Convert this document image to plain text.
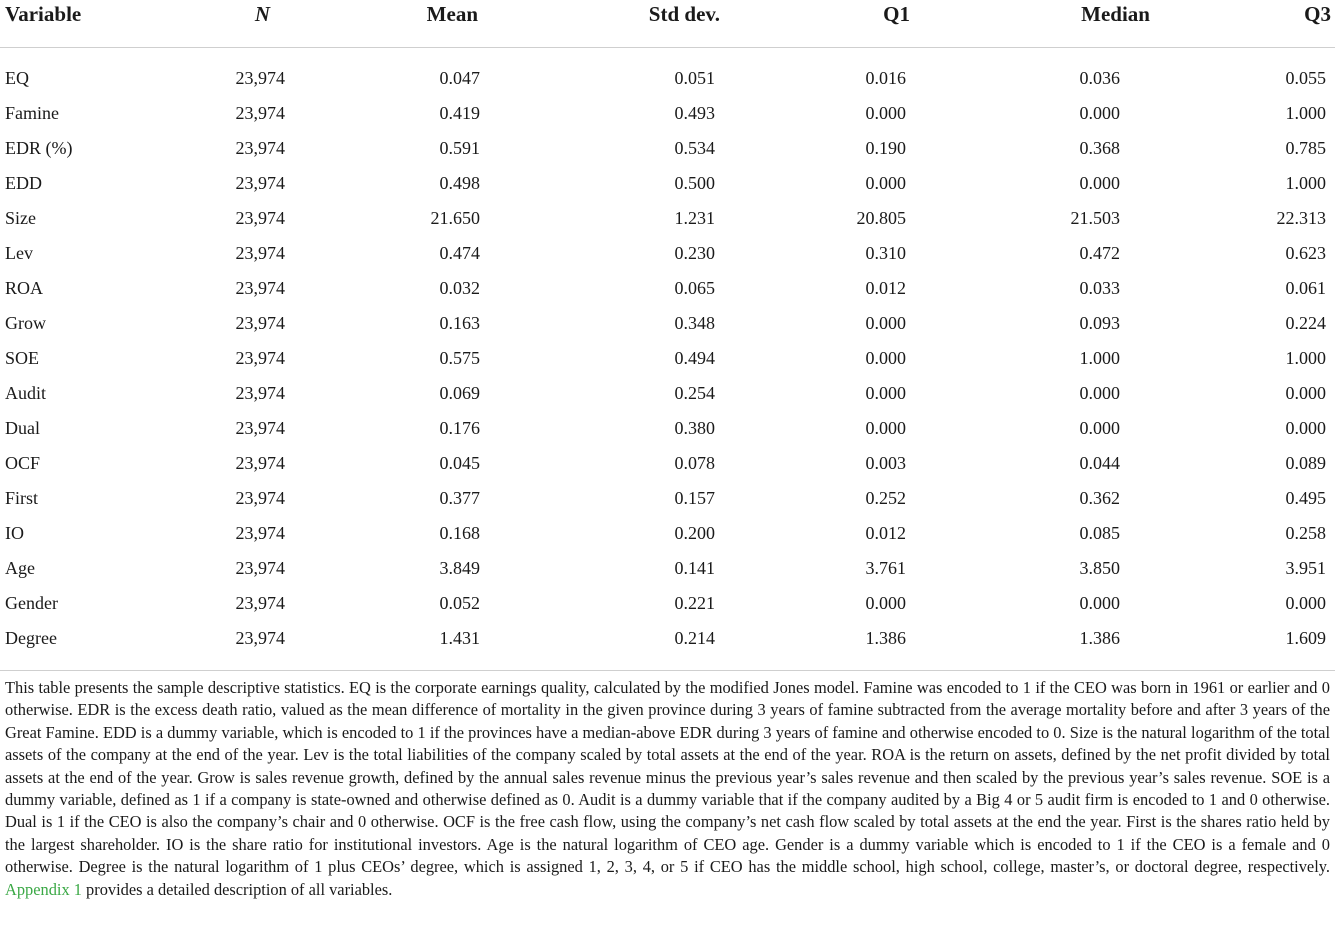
Variable	N	Mean	Std dev.	Q1	Median	Q3

EQ	23,974	0.047	0.051	0.016	0.036	0.055
Famine	23,974	0.419	0.493	0.000	0.000	1.000
EDR (%)	23,974	0.591	0.534	0.190	0.368	0.785
EDD	23,974	0.498	0.500	0.000	0.000	1.000
Size	23,974	21.650	1.231	20.805	21.503	22.313
Lev	23,974	0.474	0.230	0.310	0.472	0.623
ROA	23,974	0.032	0.065	0.012	0.033	0.061
Grow	23,974	0.163	0.348	0.000	0.093	0.224
SOE	23,974	0.575	0.494	0.000	1.000	1.000
Audit	23,974	0.069	0.254	0.000	0.000	0.000
Dual	23,974	0.176	0.380	0.000	0.000	0.000
OCF	23,974	0.045	0.078	0.003	0.044	0.089
First	23,974	0.377	0.157	0.252	0.362	0.495
IO	23,974	0.168	0.200	0.012	0.085	0.258
Age	23,974	3.849	0.141	3.761	3.850	3.951
Gender	23,974	0.052	0.221	0.000	0.000	0.000
Degree	23,974	1.431	0.214	1.386	1.386	1.609

This table presents the sample descriptive statistics. EQ is the corporate earnings quality, calculated by the modified Jones model. Famine was encoded to 1 if the CEO was born in 1961 or earlier and 0 otherwise. EDR is the excess death ratio, valued as the mean difference of mortality in the given province during 3 years of famine subtracted from the average mortality before and after 3 years of the Great Famine. EDD is a dummy variable, which is encoded to 1 if the provinces have a median-above EDR during 3 years of famine and otherwise encoded to 0. Size is the natural logarithm of the total assets of the company at the end of the year. Lev is the total liabilities of the company scaled by total assets at the end of the year. ROA is the return on assets, defined by the net profit divided by total assets at the end of the year. Grow is sales revenue growth, defined by the annual sales revenue minus the previous year’s sales revenue and then scaled by the previous year’s sales revenue. SOE is a dummy variable, defined as 1 if a company is state-owned and otherwise defined as 0. Audit is a dummy variable that if the company audited by a Big 4 or 5 audit firm is encoded to 1 and 0 otherwise. Dual is 1 if the CEO is also the company’s chair and 0 otherwise. OCF is the free cash flow, using the company’s net cash flow scaled by total assets at the end the year. First is the shares ratio held by the largest shareholder. IO is the share ratio for institutional investors. Age is the natural logarithm of CEO age. Gender is a dummy variable which is encoded to 1 if the CEO is a female and 0 otherwise. Degree is the natural logarithm of 1 plus CEOs’ degree, which is assigned 1, 2, 3, 4, or 5 if CEO has the middle school, high school, college, master’s, or doctoral degree, respectively. Appendix 1 provides a detailed description of all variables.
